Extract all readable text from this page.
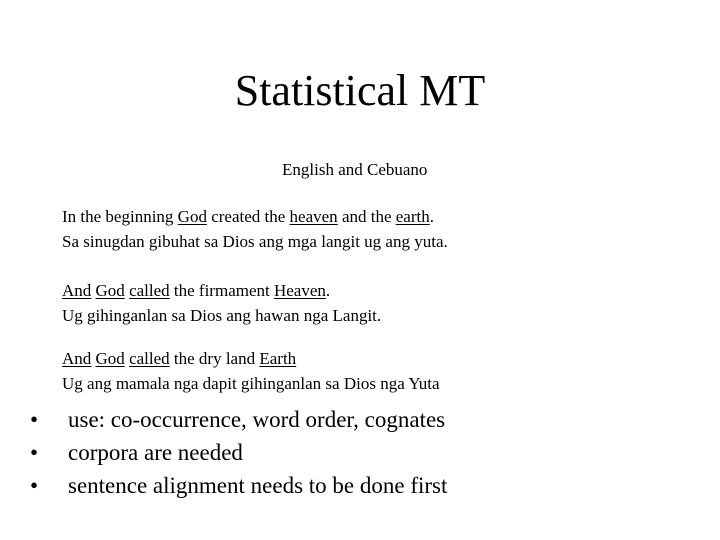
Statistical MT
English and Cebuano
In the beginning God created the heaven and the earth.
Sa sinugdan gibuhat sa Dios ang mga langit ug ang yuta.
And God called the firmament Heaven.
Ug gihinganlan sa Dios ang hawan nga Langit.
And God called the dry land Earth
Ug ang mamala nga dapit gihinganlan sa Dios nga Yuta
•	use: co-occurrence, word order, cognates
•	corpora are needed
•	sentence alignment needs to be done first
